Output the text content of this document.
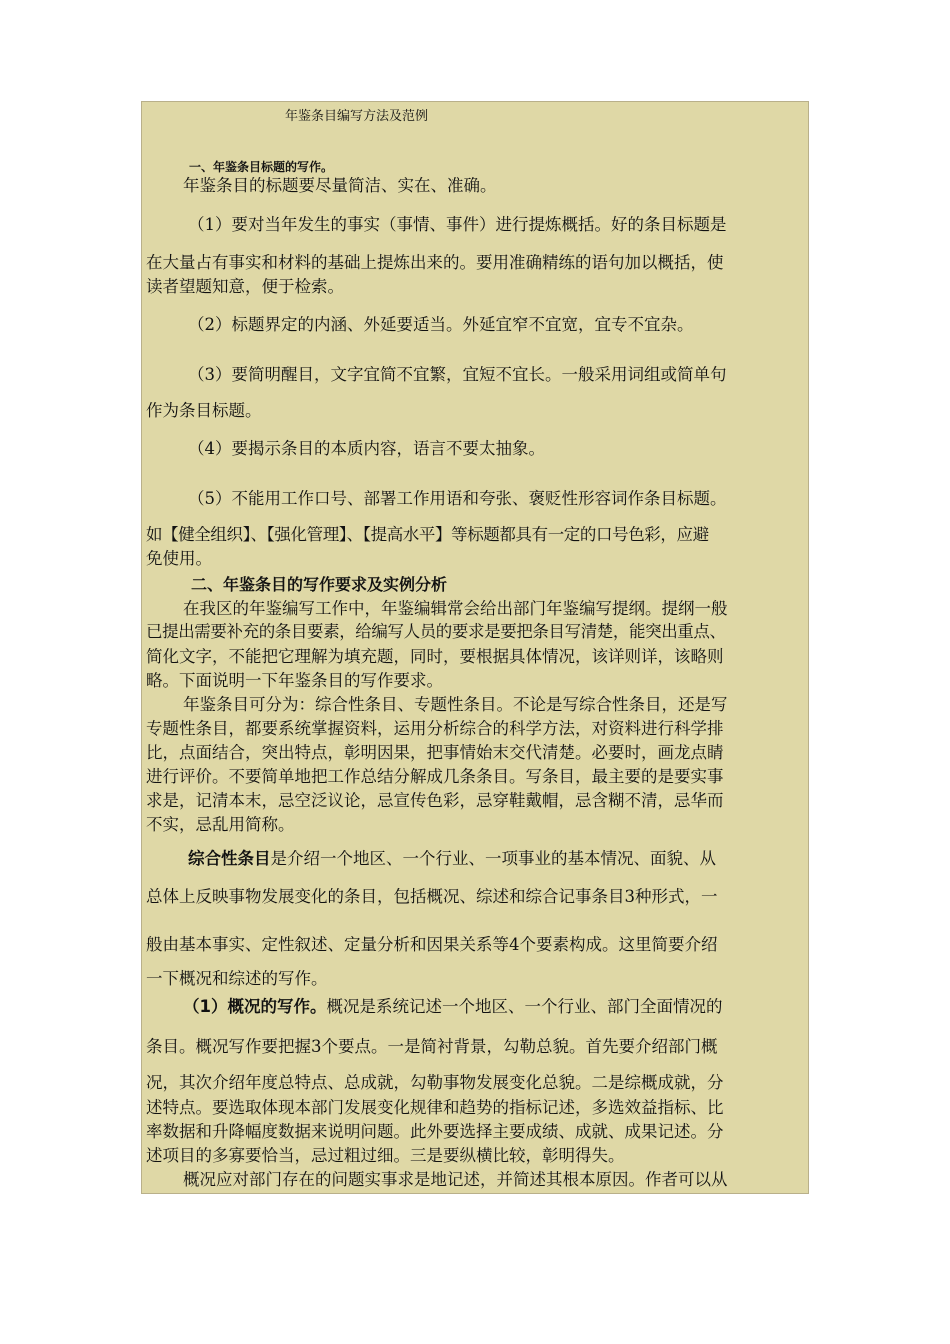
年鉴条目编写方法及范例
一、年鉴条目标题的写作。
年鉴条目的标题要尽量简洁、实在、准确。
（1）要对当年发生的事实（事情、事件）进行提炼概括。好的条目标题是
在大量占有事实和材料的基础上提炼出来的。要用准确精练的语句加以概括，使
读者望题知意，便于检索。
（2）标题界定的内涵、外延要适当。外延宜窄不宜宽，宜专不宜杂。
（3）要简明醒目，文字宜简不宜繁，宜短不宜长。一般采用词组或简单句
作为条目标题。
（4）要揭示条目的本质内容，语言不要太抽象。
（5）不能用工作口号、部署工作用语和夸张、褒贬性形容词作条目标题。
如【健全组织】、【强化管理】、【提高水平】等标题都具有一定的口号色彩，应避
免使用。
二、年鉴条目的写作要求及实例分析
在我区的年鉴编写工作中，年鉴编辑常会给出部门年鉴编写提纲。提纲一般
已提出需要补充的条目要素，给编写人员的要求是要把条目写清楚，能突出重点、
简化文字，不能把它理解为填充题，同时，要根据具体情况，该详则详，该略则
略。下面说明一下年鉴条目的写作要求。
年鉴条目可分为：综合性条目、专题性条目。不论是写综合性条目，还是写
专题性条目，都要系统掌握资料，运用分析综合的科学方法，对资料进行科学排
比，点面结合，突出特点，彰明因果，把事情始末交代清楚。必要时，画龙点睛
进行评价。不要简单地把工作总结分解成几条条目。写条目，最主要的是要实事
求是，记清本末，忌空泛议论，忌宣传色彩，忌穿鞋戴帽，忌含糊不清，忌华而
不实，忌乱用简称。
综合性条目是介绍一个地区、一个行业、一项事业的基本情况、面貌、从
总体上反映事物发展变化的条目，包括概况、综述和综合记事条目3种形式，一
般由基本事实、定性叙述、定量分析和因果关系等4个要素构成。这里简要介绍
一下概况和综述的写作。
（1）概况的写作。概况是系统记述一个地区、一个行业、部门全面情况的
条目。概况写作要把握3个要点。一是简衬背景，勾勒总貌。首先要介绍部门概
况，其次介绍年度总特点、总成就，勾勒事物发展变化总貌。二是综概成就，分
述特点。要选取体现本部门发展变化规律和趋势的指标记述，多选效益指标、比
率数据和升降幅度数据来说明问题。此外要选择主要成绩、成就、成果记述。分
述项目的多寡要恰当，忌过粗过细。三是要纵横比较，彰明得失。
概况应对部门存在的问题实事求是地记述，并简述其根本原因。作者可以从
